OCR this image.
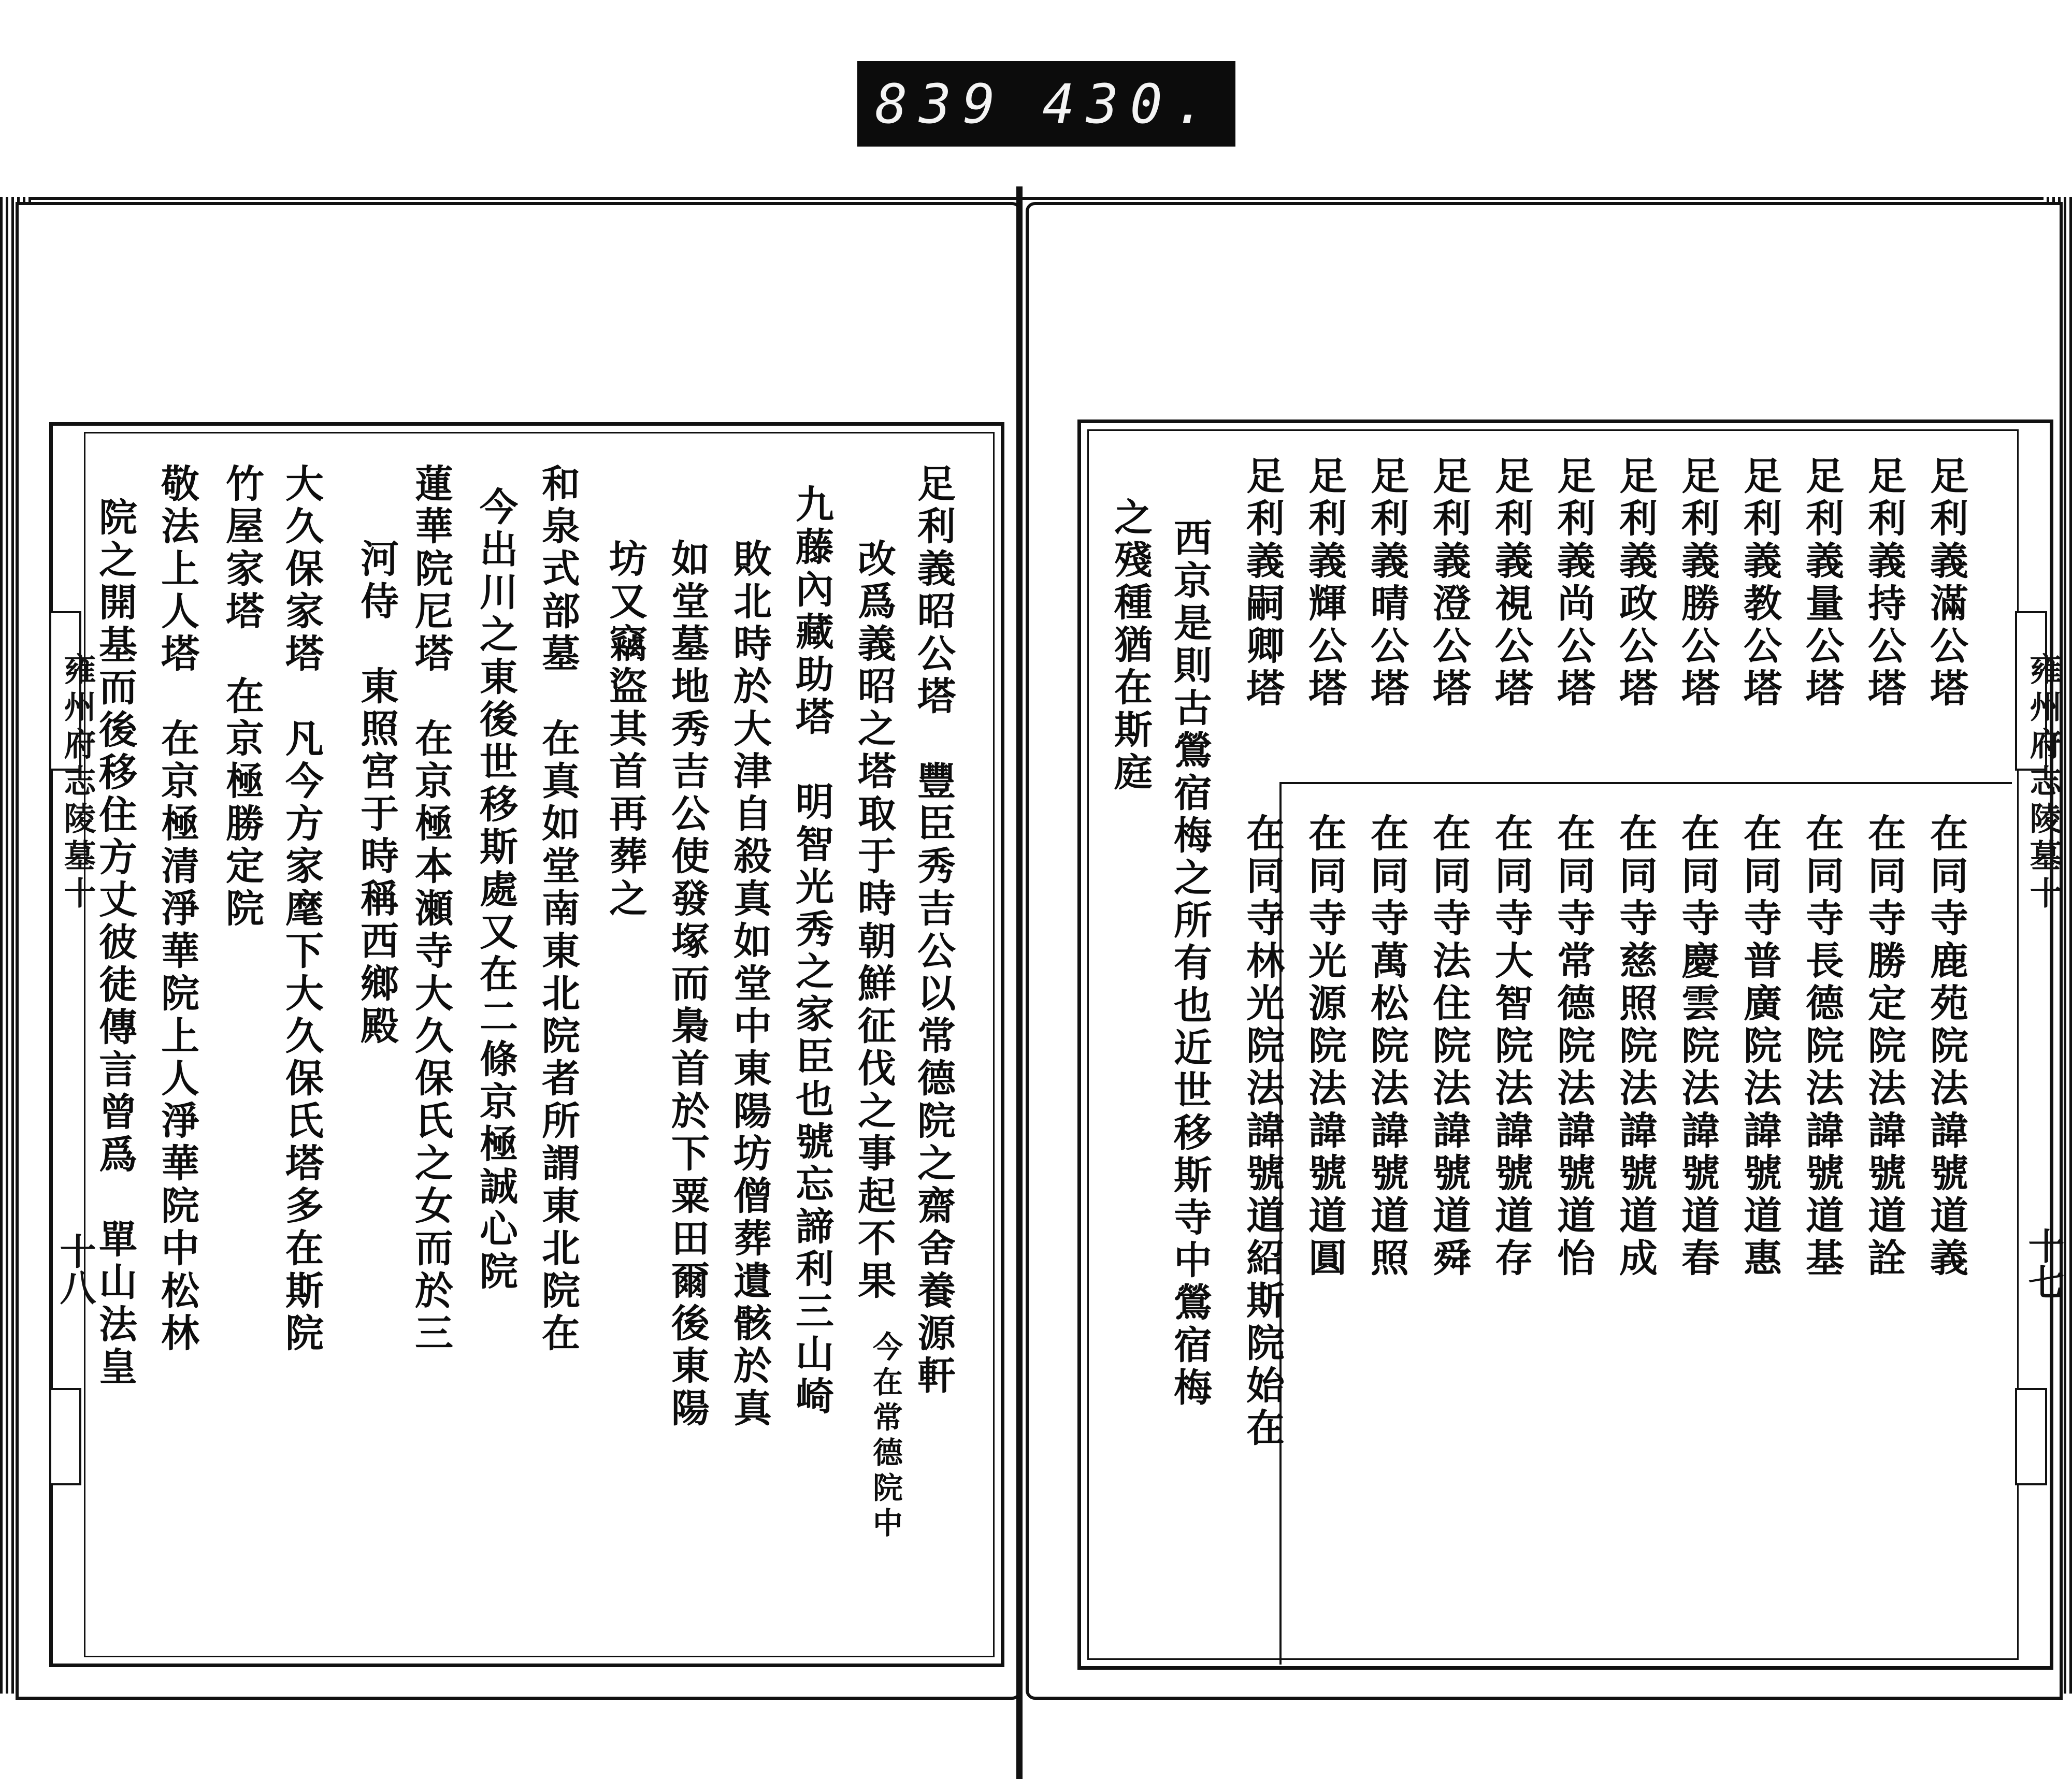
839 430.
雍州府志陵墓十
十八	足利義昭公塔　豐臣秀吉公以常德院之齋舍養源軒
改爲義昭之塔取于時朝鮮征伐之事起不果
今在常德院中
九藤內藏助塔　明智光秀之家臣也號忘諦利三山崎
敗北時於大津自殺真如堂中東陽坊僧葬遺骸於真
如堂墓地秀吉公使發塚而梟首於下粟田爾後東陽
坊又竊盜其首再葬之
和泉式部墓　在真如堂南東北院者所謂東北院在
今出川之東後世移斯處又在二條京極誠心院
蓮華院尼塔　在京極本瀬寺大久保氏之女而於三
河侍　東照宮于時稱西鄉殿
大久保家塔　凡今方家麾下大久保氏塔多在斯院
竹屋家塔　在京極勝定院
敬法上人塔　在京極清淨華院上人淨華院中松林
院之開基而後移住方丈彼徒傳言曾爲　單山法皇	雍州府志陵墓十
十七
足利義滿公塔
足利義持公塔
足利義量公塔
足利義教公塔
足利義勝公塔
足利義政公塔
足利義尚公塔
足利義視公塔
足利義澄公塔
足利義晴公塔
足利義輝公塔
足利義嗣卿塔
西京是則古鶯宿梅之所有也近世移斯寺中鶯宿梅
之殘種猶在斯庭
在同寺鹿苑院法諱號道義
在同寺勝定院法諱號道詮
在同寺長德院法諱號道基
在同寺普廣院法諱號道惠
在同寺慶雲院法諱號道春
在同寺慈照院法諱號道成
在同寺常德院法諱號道怡
在同寺大智院法諱號道存
在同寺法住院法諱號道舜
在同寺萬松院法諱號道照
在同寺光源院法諱號道圓
在同寺林光院法諱號道紹斯院始在
